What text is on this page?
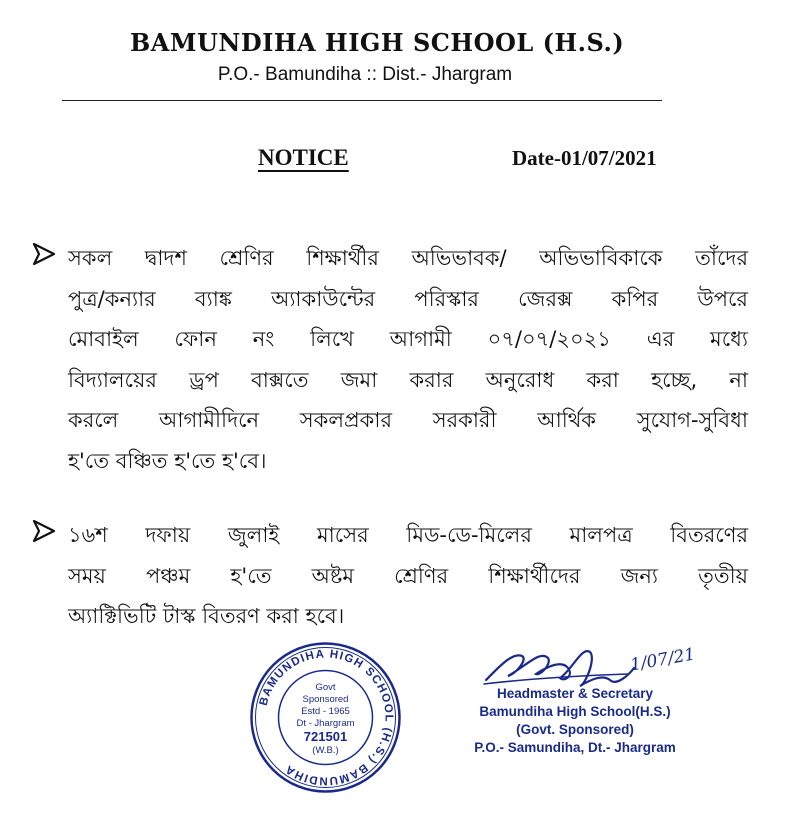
BAMUNDIHA HIGH SCHOOL (H.S.)
P.O.- Bamundiha :: Dist.- Jhargram
NOTICE	Date-01/07/2021
সকল দ্বাদশ শ্রেণির শিক্ষার্থীর অভিভাবক/ অভিভাবিকাকে তাঁদের
পুত্র/কন্যার ব্যাঙ্ক অ্যাকাউন্টের পরিস্কার জেরক্স কপির উপরে
মোবাইল ফোন নং লিখে আগামী ০৭/০৭/২০২১ এর মধ্যে
বিদ্যালয়ের ড্রপ বাক্সতে জমা করার অনুরোধ করা হচ্ছে, না
করলে আগামীদিনে সকলপ্রকার সরকারী আর্থিক সুযোগ-সুবিধা
হ'তে বঞ্চিত হ'তে হ'বে।
১৬শ দফায় জুলাই মাসের মিড-ডে-মিলের মালপত্র বিতরণের
সময় পঞ্চম হ'তে অষ্টম শ্রেণির শিক্ষার্থীদের জন্য তৃতীয়
অ্যাক্টিভিটি টাস্ক বিতরণ করা হবে।
BAMUNDIHA HIGH SCHOOL (H.S.) BAMUNDIHA
Govt
Sponsored
Estd - 1965
Dt - Jhargram
721501
(W.B.)
1/07/21
Headmaster & Secretary
Bamundiha High School(H.S.)
(Govt. Sponsored)
P.O.- Samundiha, Dt.- Jhargram
